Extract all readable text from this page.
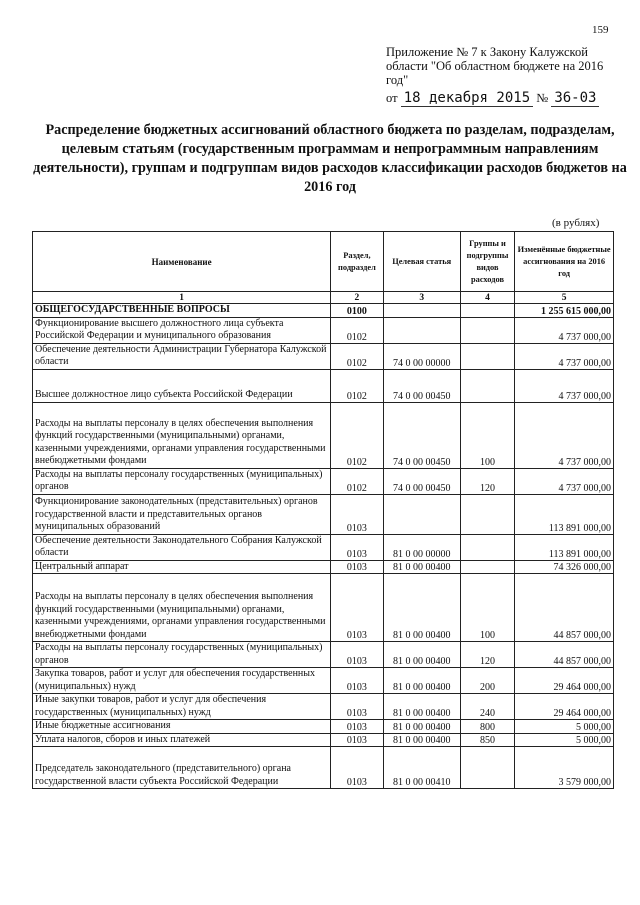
159
Приложение № 7 к Закону Калужской
области "Об областном бюджете на 2016
год"
от 18 декабря 2015 № 36-03
Распределение бюджетных ассигнований областного бюджета по разделам, подразделам, целевым статьям (государственным программам и непрограммным направлениям деятельности), группам и подгруппам видов расходов классификации расходов бюджетов на 2016 год
(в рублях)
Наименование	Раздел, подраздел	Целевая статья	Группы и подгруппы видов расходов	Изменённые бюджетные ассигнования на 2016 год
1	2	3	4	5
ОБЩЕГОСУДАРСТВЕННЫЕ ВОПРОСЫ	0100			1 255 615 000,00
Функционирование высшего должностного лица субъекта Российской Федерации и муниципального образования	0102			4 737 000,00
Обеспечение деятельности Администрации Губернатора Калужской области	0102	74 0 00 00000		4 737 000,00
Высшее должностное лицо субъекта Российской Федерации	0102	74 0 00 00450		4 737 000,00
Расходы на выплаты персоналу в целях обеспечения выполнения функций государственными (муниципальными) органами, казенными учреждениями, органами управления государственными внебюджетными фондами	0102	74 0 00 00450	100	4 737 000,00
Расходы на выплаты персоналу государственных (муниципальных) органов	0102	74 0 00 00450	120	4 737 000,00
Функционирование законодательных (представительных) органов государственной власти и представительных органов муниципальных образований	0103			113 891 000,00
Обеспечение деятельности Законодательного Собрания Калужской области	0103	81 0 00 00000		113 891 000,00
Центральный аппарат	0103	81 0 00 00400		74 326 000,00
Расходы на выплаты персоналу в целях обеспечения выполнения функций государственными (муниципальными) органами, казенными учреждениями, органами управления государственными внебюджетными фондами	0103	81 0 00 00400	100	44 857 000,00
Расходы на выплаты персоналу государственных (муниципальных) органов	0103	81 0 00 00400	120	44 857 000,00
Закупка товаров, работ и услуг для обеспечения государственных (муниципальных) нужд	0103	81 0 00 00400	200	29 464 000,00
Иные закупки товаров, работ и услуг для обеспечения государственных (муниципальных) нужд	0103	81 0 00 00400	240	29 464 000,00
Иные бюджетные ассигнования	0103	81 0 00 00400	800	5 000,00
Уплата налогов, сборов и иных платежей	0103	81 0 00 00400	850	5 000,00
Председатель законодательного (представительного) органа государственной власти субъекта Российской Федерации	0103	81 0 00 00410		3 579 000,00
